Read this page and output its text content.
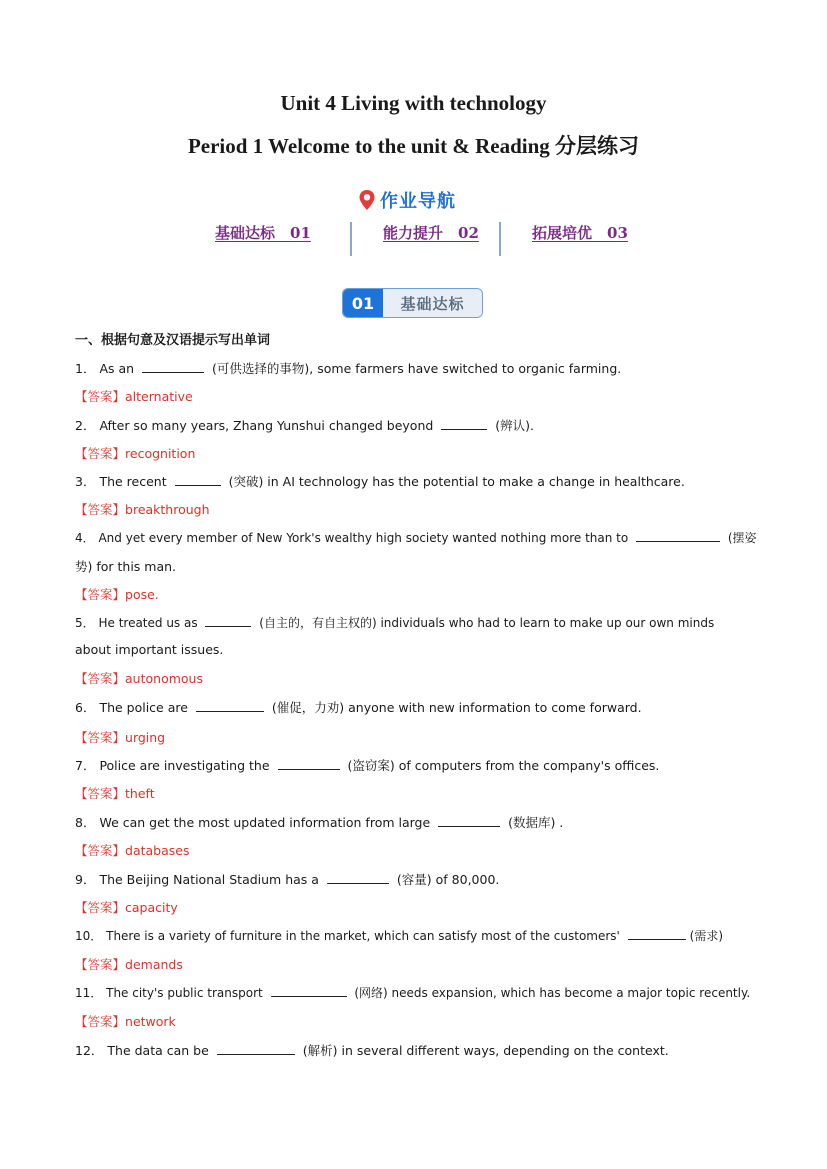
Unit 4 Living with technology
Period 1 Welcome to the unit & Reading 分层练习
作业导航
基础达标　01	能力提升　02	拓展培优　03
01	基础达标
一、根据句意及汉语提示写出单词
1． As an	(可供选择的事物), some farmers have switched to organic farming.
【答案】alternative
2． After so many years, Zhang Yunshui changed beyond	(辨认).
【答案】recognition
3． The recent	(突破) in AI technology has the potential to make a change in healthcare.
【答案】breakthrough
4． And yet every member of New York's wealthy high society wanted nothing more than to	(摆姿
势) for this man.
【答案】pose.
5． He treated us as	(自主的，有自主权的) individuals who had to learn to make up our own minds
about important issues.
【答案】autonomous
6． The police are	(催促，力劝) anyone with new information to come forward.
【答案】urging
7． Police are investigating the	(盗窃案) of computers from the company's offices.
【答案】theft
8． We can get the most updated information from large	(数据库) .
【答案】databases
9． The Beijing National Stadium has a	(容量) of 80,000.
【答案】capacity
10． There is a variety of furniture in the market, which can satisfy most of the customers'	(需求)
【答案】demands
11． The city's public transport	(网络) needs expansion, which has become a major topic recently.
【答案】network
12． The data can be	(解析) in several different ways, depending on the context.
